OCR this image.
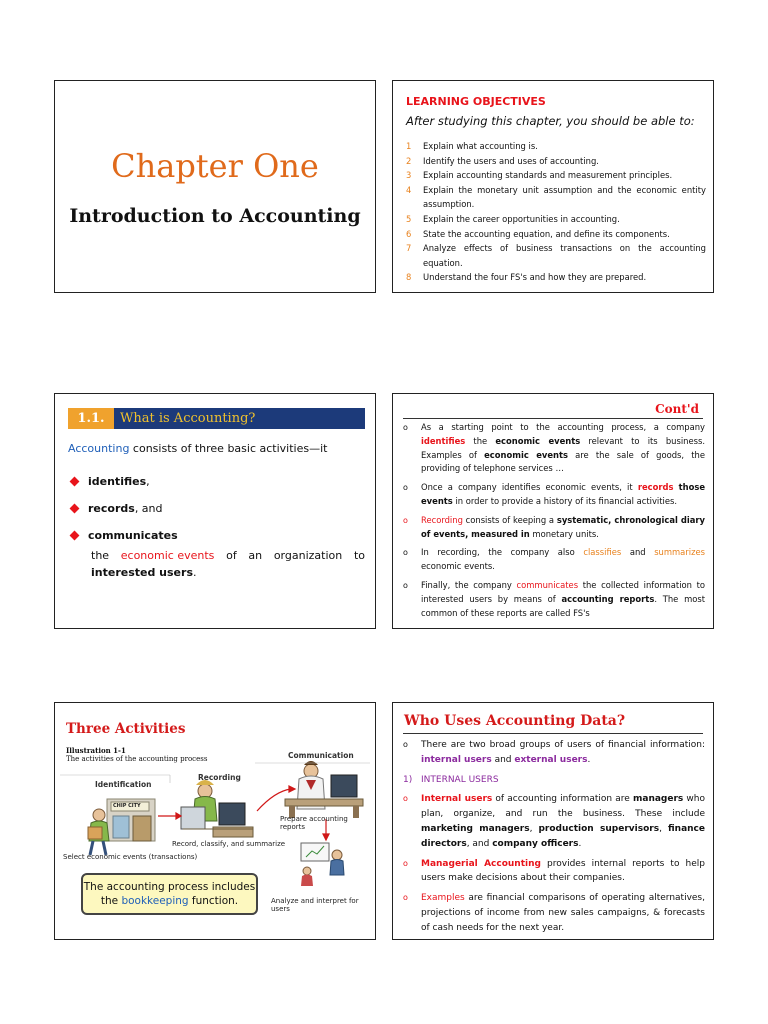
Chapter One
Introduction to Accounting
LEARNING OBJECTIVES
After studying this chapter, you should be able to:
1	Explain what accounting is.
2	Identify the users and uses of accounting.
3	Explain accounting standards and measurement principles.
4	Explain the monetary unit assumption and the economic entity assumption.
5	Explain the career opportunities in accounting.
6	State the accounting equation, and define its components.
7	Analyze effects of business transactions on the accounting equation.
8	Understand the four FS's and how they are prepared.
1.1.	What is Accounting?
Accounting consists of three basic activities—it
identifies ,
records , and
communicates
the economic events of an organization to
interested users.
Cont'd
o	As a starting point to the accounting process, a company identifies the economic events relevant to its business. Examples of economic events are the sale of goods, the providing of telephone services …
o	Once a company identifies economic events, it records those events in order to provide a history of its financial activities.
o	Recording consists of keeping a systematic, chronological diary of events, measured in monetary units.
o	In recording, the company also classifies and summarizes economic events.
o	Finally, the company communicates the collected information to interested users by means of accounting reports. The most common of these reports are called FS's
Three Activities
Illustration 1-1
The activities of the accounting process
Identification
Recording
Communication
CHIP CITY
Select economic events (transactions)
Record, classify, and summarize
Prepare accounting reports
Analyze and interpret for users
The accounting process includes
the bookkeeping function.
Who Uses Accounting Data?
o	There are two broad groups of users of financial information: internal users and external users.
1) INTERNAL USERS
o	Internal users of accounting information are managers who plan, organize, and run the business. These include marketing managers, production supervisors, finance directors, and company officers.
o	Managerial Accounting provides internal reports to help users make decisions about their companies.
o	Examples are financial comparisons of operating alternatives, projections of income from new sales campaigns, & forecasts of cash needs for the next year.
